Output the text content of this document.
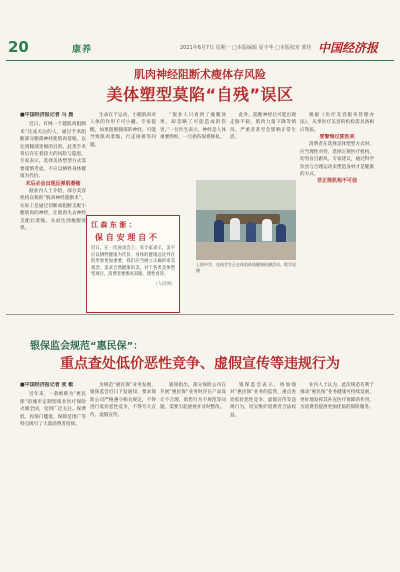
20	康养	2021年6月7日 星期一 □本版编辑 夏丰华 □本版校对 郭佳 中国经济报
肌肉神经阻断术瘦体存风险
美体塑型莫陷“自残”误区
■中国经济报记者 马 晨

近日，有网一个越肌肉阻断术”达成关注的人，通过手术阻断部分腿部神经使肌肉萎缩，以达到腿部变细的目的。此类手术背后存在着较大的风险与隐患。专家表示，选择美体塑型方式需要谨慎考虑，不应以牺牲身体健康为代价。

术后必会出现反弹肌萎缩

据业内人士介绍，部分美容机构宣称的“肌肉神经阻断术”，实际上是通过切断或阻断支配小腿肌肉的神经，让肌肉失去神经支配后萎缩，从而达到瘦腿效果。

生命在于运动，小腿肌肉对人体的作用不可小觑。专家提醒，如果阻断腿部的神经，可能导致肌肉萎缩、行走困难等问题。

“很多人只看到了瘦腿效果，却忽略了可能造成的伤害。”一位医生表示，神经是人体重要组织，一旦损伤很难修复。

此外，阻断神经后可能出现走路不稳、肌肉力量下降等情况，严重者甚至会影响正常生活。

根据《医疗美容服务管理办法》，从事医疗美容的机构需具备相应资质。

要警惕过度医美

消费者在选择美体塑型方式时，应当理性对待，选择正规医疗机构，切勿盲目跟风。专家建议，通过科学饮食与合理运动来塑造身材才是健康的方式。

非正规机构不可信

上海中学，在校学生正在体验体质健康检测活动。程学虎 摄
江 森 东 渐 ：
保 自 安 理 自 不
近日，在一次座谈会上，有专家表示，美不应以牺牲健康为代价。身体的健康远比外在的形象更加重要，我们应当树立正确的审美观念，追求自然健康的美。对于各类美体塑型项目，消费者要擦亮双眼，理性看待。
（人民网）
银保监会规范“惠民保”：
重点查处低价恶性竞争、虚假宣传等违规行为
■中国经济报记者 张 敏

近年来，一款被称为“惠民保”的城市定制型商业医疗保险火爆全国，受到广泛关注。保费低、投保门槛低、保障范围广等特点吸引了大量消费者投保。

为规范“惠民保”业务发展，银保监会近日下发通知，要求保险公司严格遵守相关规定，不得进行低价恶性竞争，不得夸大宣传、虚假宣传。

通知指出，部分保险公司在开展“惠民保”业务时存在产品设计不合理、销售行为不规范等问题，需要引起重视并及时整改。

银保监会表示，将加强对“惠民保”业务的监管，重点查处低价恶性竞争、虚假宣传等违规行为，切实维护消费者合法权益。

业内人士认为，此次规范有利于推动“惠民保”业务健康可持续发展，更好地发挥其补充医疗保障的作用，为消费者提供更加优质的保险服务。
